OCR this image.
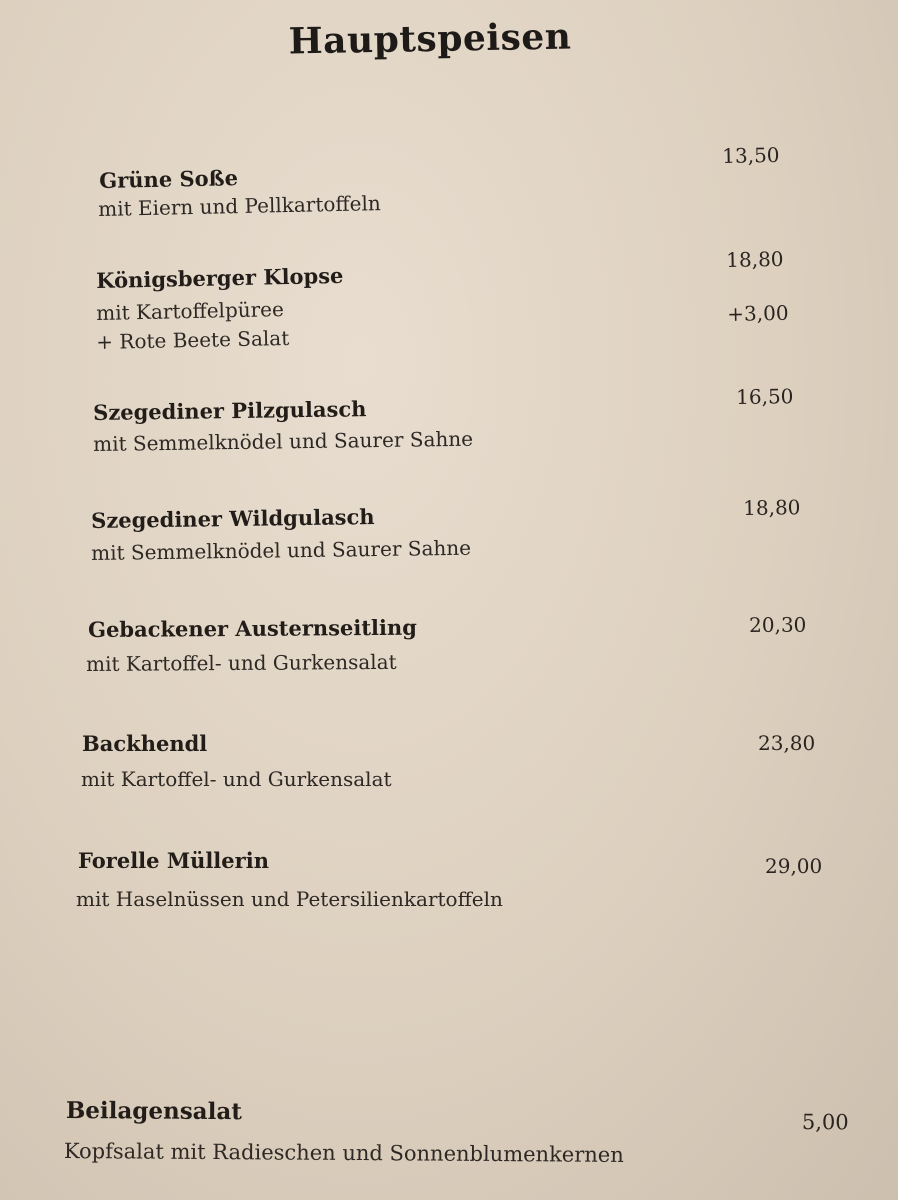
Hauptspeisen
Grüne Soße
mit Eiern und Pellkartoffeln
13,50
Königsberger Klopse
mit Kartoffelpüree
+ Rote Beete Salat
18,80
+3,00
Szegediner Pilzgulasch
mit Semmelknödel und Saurer Sahne
16,50
Szegediner Wildgulasch
mit Semmelknödel und Saurer Sahne
18,80
Gebackener Austernseitling
mit Kartoffel- und Gurkensalat
20,30
Backhendl
mit Kartoffel- und Gurkensalat
23,80
Forelle Müllerin
mit Haselnüssen und Petersilienkartoffeln
29,00
Beilagensalat
Kopfsalat mit Radieschen und Sonnenblumenkernen
5,00
